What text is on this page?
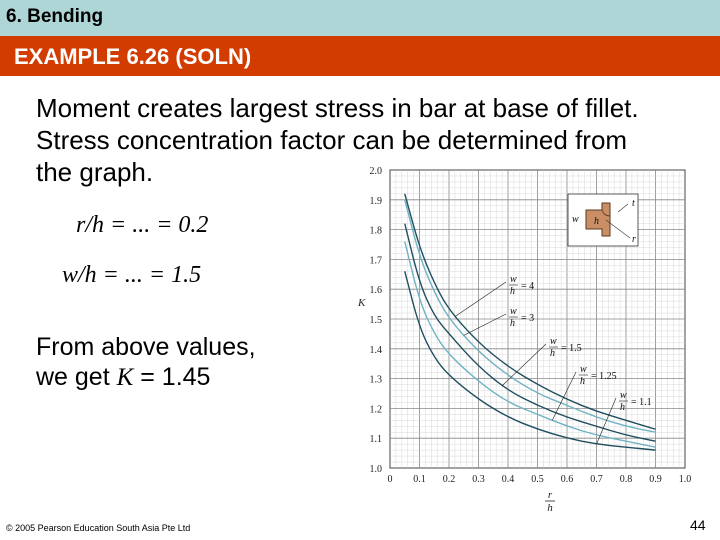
6. Bending
EXAMPLE 6.26 (SOLN)
Moment creates largest stress in bar at base of fillet.
Stress concentration factor can be determined from
the graph.
r/h = ... = 0.2
w/h = ... = 1.5
From above values,
we get K = 1.45
0 0.1 0.2 0.3 0.4 0.5 0.6 0.7 0.8 0.9 1.0
1.0
1.1
1.2
1.3
1.4
1.5
1.6
1.7
1.8
1.9
2.0
w
h = 4
w
h = 3
w
h = 1.5
w
h = 1.25
w
h = 1.1
K
r
h
w h
t
r
© 2005 Pearson Education South Asia Pte Ltd	44
